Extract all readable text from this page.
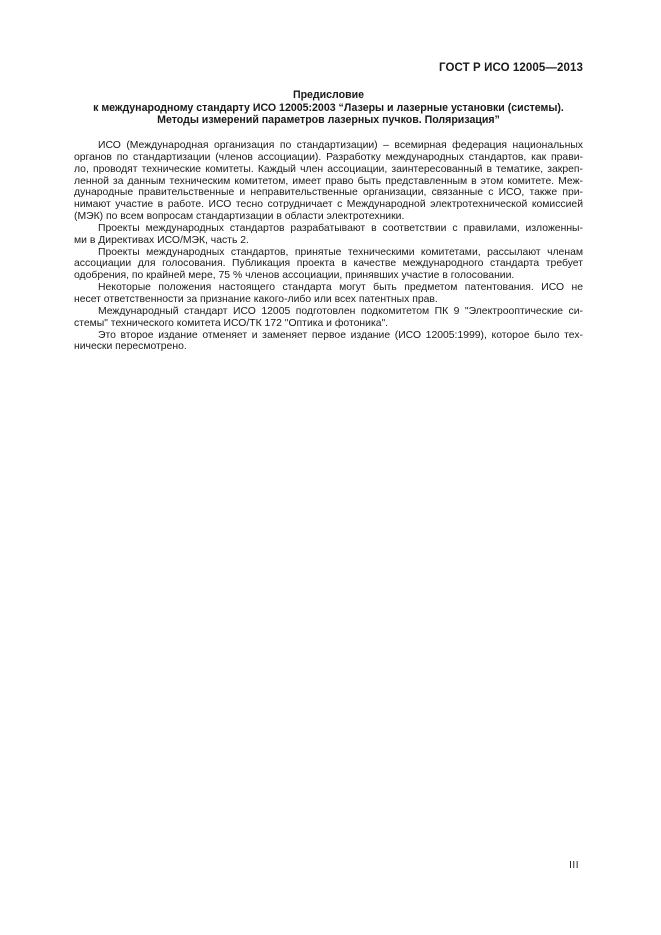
ГОСТ Р ИСО 12005—2013
Предисловие
к международному стандарту ИСО 12005:2003 “Лазеры и лазерные установки (системы).
Методы измерений параметров лазерных пучков. Поляризация”
ИСО (Международная организация по стандартизации) – всемирная федерация национальных
органов по стандартизации (членов ассоциации). Разработку международных стандартов, как прави-
ло, проводят технические комитеты. Каждый член ассоциации, заинтересованный в тематике, закреп-
ленной за данным техническим комитетом, имеет право быть представленным в этом комитете. Меж-
дународные правительственные и неправительственные организации, связанные с ИСО, также при-
нимают участие в работе. ИСО тесно сотрудничает с Международной электротехнической комиссией
(МЭК) по всем вопросам стандартизации в области электротехники.
Проекты международных стандартов разрабатывают в соответствии с правилами, изложенны-
ми в Директивах ИСО/МЭК, часть 2.
Проекты международных стандартов, принятые техническими комитетами, рассылают членам
ассоциации для голосования. Публикация проекта в качестве международного стандарта требует
одобрения, по крайней мере, 75 % членов ассоциации, принявших участие в голосовании.
Некоторые положения настоящего стандарта могут быть предметом патентования. ИСО не
несет ответственности за признание какого-либо или всех патентных прав.
Международный стандарт ИСО 12005 подготовлен подкомитетом ПК 9 "Электрооптические си-
стемы" технического комитета ИСО/ТК 172 "Оптика и фотоника".
Это второе издание отменяет и заменяет первое издание (ИСО 12005:1999), которое было тех-
нически пересмотрено.
III
